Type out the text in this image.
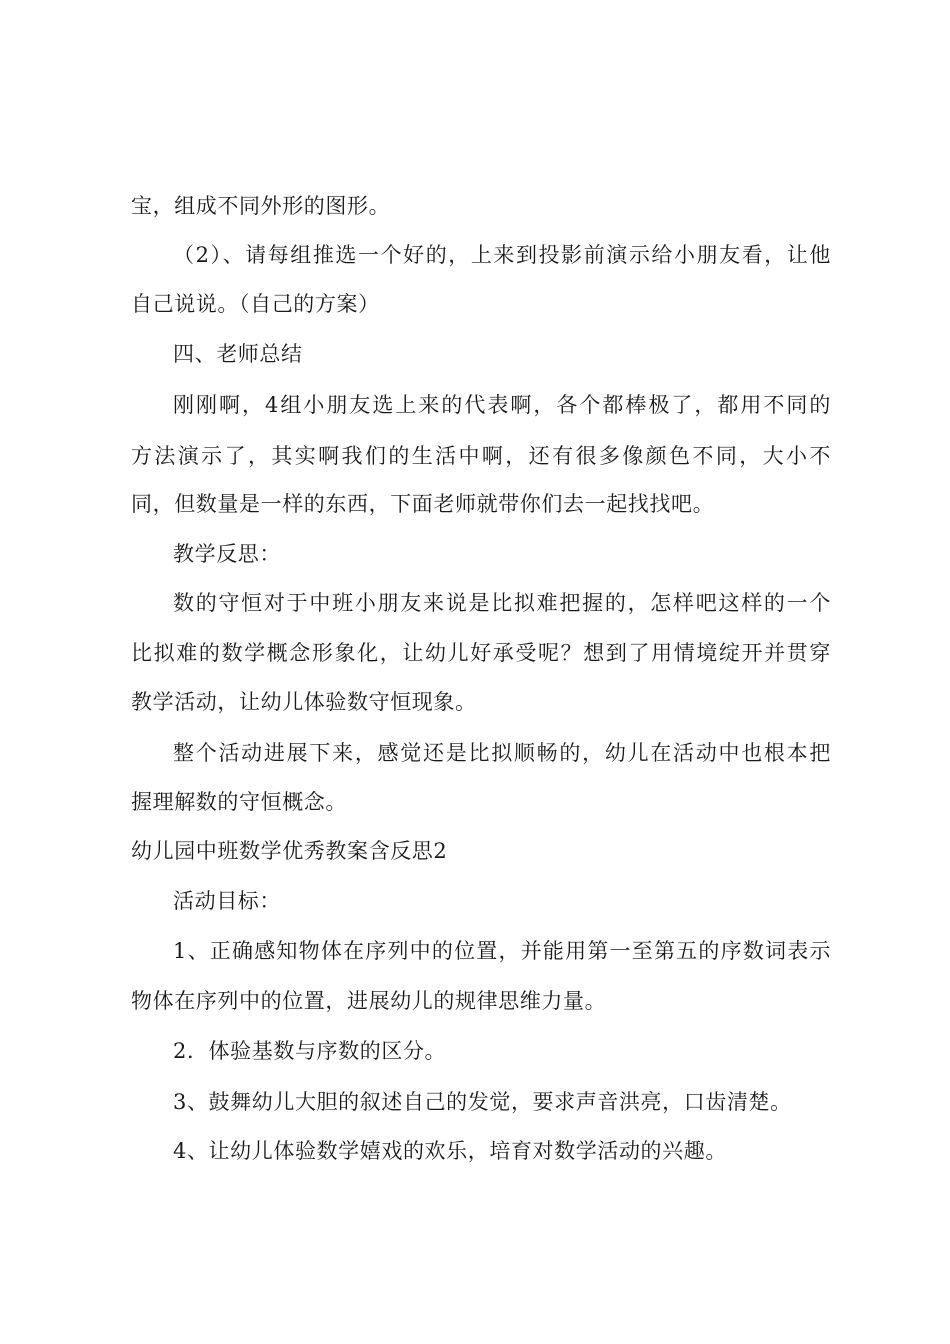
宝，组成不同外形的图形。
（2）、请每组推选一个好的，上来到投影前演示给小朋友看，让他
自己说说。（自己的方案）
四、老师总结
刚刚啊，4组小朋友选上来的代表啊，各个都棒极了，都用不同的
方法演示了，其实啊我们的生活中啊，还有很多像颜色不同，大小不
同，但数量是一样的东西，下面老师就带你们去一起找找吧。
教学反思：
数的守恒对于中班小朋友来说是比拟难把握的，怎样吧这样的一个
比拟难的数学概念形象化，让幼儿好承受呢？想到了用情境绽开并贯穿
教学活动，让幼儿体验数守恒现象。
整个活动进展下来，感觉还是比拟顺畅的，幼儿在活动中也根本把
握理解数的守恒概念。
幼儿园中班数学优秀教案含反思2
活动目标：
1、正确感知物体在序列中的位置，并能用第一至第五的序数词表示
物体在序列中的位置，进展幼儿的规律思维力量。
2．体验基数与序数的区分。
3、鼓舞幼儿大胆的叙述自己的发觉，要求声音洪亮，口齿清楚。
4、让幼儿体验数学嬉戏的欢乐，培育对数学活动的兴趣。
